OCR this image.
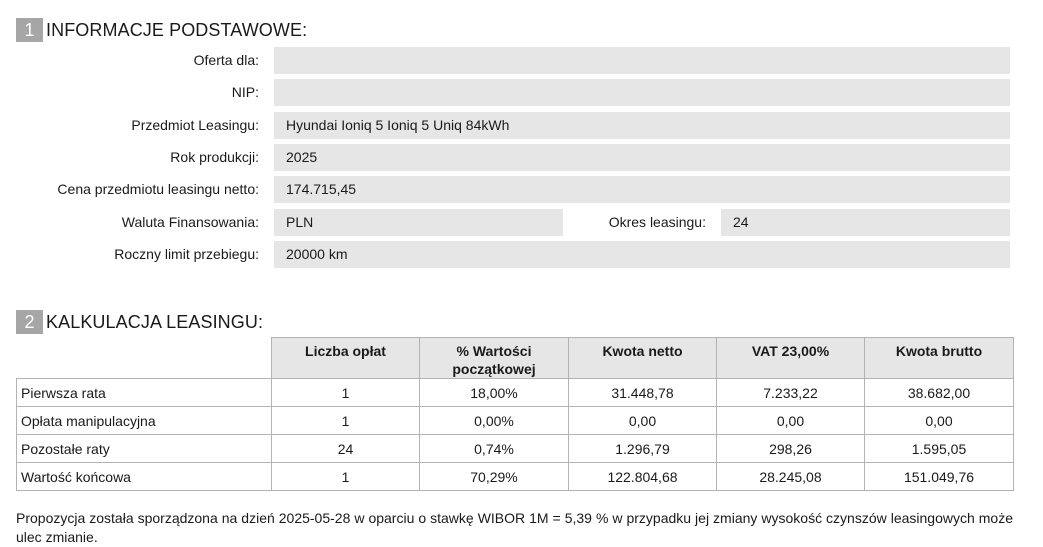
1 INFORMACJE PODSTAWOWE:
Oferta dla:
NIP:
Przedmiot Leasingu:	Hyundai Ioniq 5 Ioniq 5 Uniq 84kWh
Rok produkcji:	2025
Cena przedmiotu leasingu netto:	174.715,45
Waluta Finansowania:	PLN	Okres leasingu:	24
Roczny limit przebiegu:	20000 km
2 KALKULACJA LEASINGU:
	Liczba opłat	% Wartości początkowej	Kwota netto	VAT 23,00%	Kwota brutto
Pierwsza rata	1	18,00%	31.448,78	7.233,22	38.682,00
Opłata manipulacyjna	1	0,00%	0,00	0,00	0,00
Pozostałe raty	24	0,74%	1.296,79	298,26	1.595,05
Wartość końcowa	1	70,29%	122.804,68	28.245,08	151.049,76
Propozycja została sporządzona na dzień 2025-05-28 w oparciu o stawkę WIBOR 1M = 5,39 % w przypadku jej zmiany wysokość czynszów leasingowych może ulec zmianie.
